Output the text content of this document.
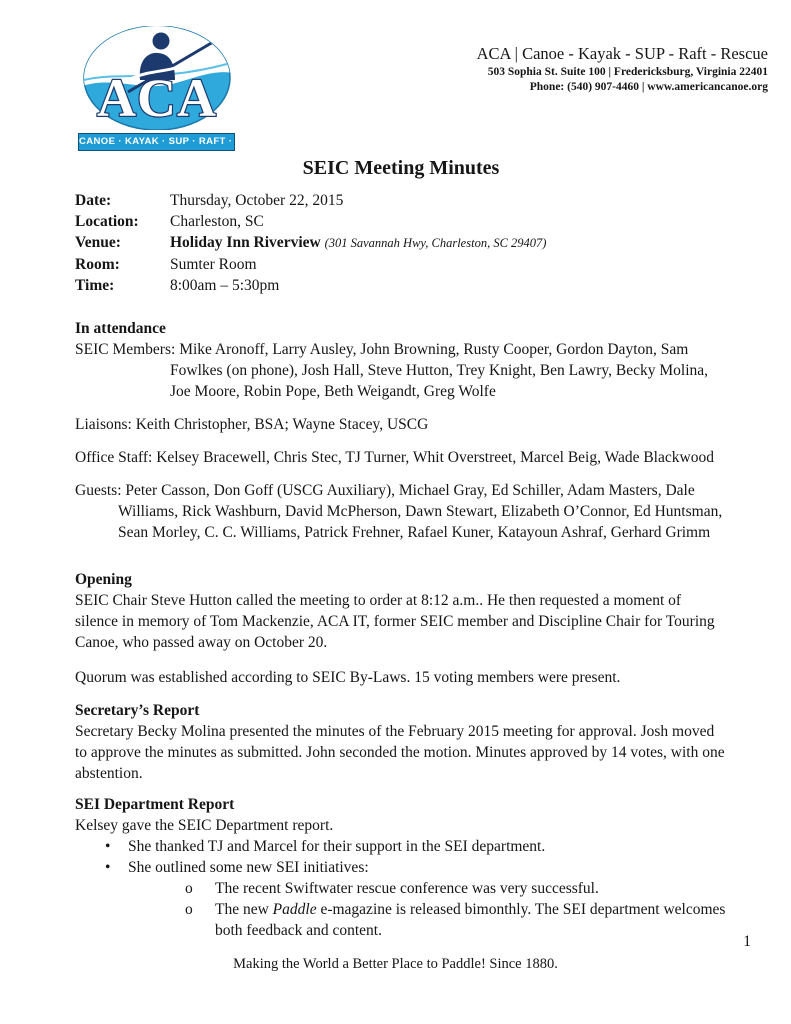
ACA
CANOE · KAYAK · SUP · RAFT · RESCUE
ACA | Canoe - Kayak - SUP - Raft - Rescue
503 Sophia St. Suite 100 | Fredericksburg, Virginia 22401
Phone: (540) 907-4460 | www.americancanoe.org
SEIC Meeting Minutes
Date:	Thursday, October 22, 2015
Location:	Charleston, SC
Venue:	Holiday Inn Riverview (301 Savannah Hwy, Charleston, SC 29407)
Room:	Sumter Room
Time:	8:00am – 5:30pm

In attendance

SEIC Members: Mike Aronoff, Larry Ausley, John Browning, Rusty Cooper, Gordon Dayton, Sam Fowlkes (on phone), Josh Hall, Steve Hutton, Trey Knight, Ben Lawry, Becky Molina, Joe Moore, Robin Pope, Beth Weigandt, Greg Wolfe

Liaisons: Keith Christopher, BSA; Wayne Stacey, USCG

Office Staff: Kelsey Bracewell, Chris Stec, TJ Turner, Whit Overstreet, Marcel Beig, Wade Blackwood

Guests: Peter Casson, Don Goff (USCG Auxiliary), Michael Gray, Ed Schiller, Adam Masters, Dale Williams, Rick Washburn, David McPherson, Dawn Stewart, Elizabeth O’Connor, Ed Huntsman, Sean Morley, C. C. Williams, Patrick Frehner, Rafael Kuner, Katayoun Ashraf, Gerhard Grimm

Opening

SEIC Chair Steve Hutton called the meeting to order at 8:12 a.m.. He then requested a moment of silence in memory of Tom Mackenzie, ACA IT, former SEIC member and Discipline Chair for Touring Canoe, who passed away on October 20.

Quorum was established according to SEIC By-Laws. 15 voting members were present.

Secretary’s Report

Secretary Becky Molina presented the minutes of the February 2015 meeting for approval. Josh moved to approve the minutes as submitted. John seconded the motion. Minutes approved by 14 votes, with one abstention.

SEI Department Report

Kelsey gave the SEIC Department report.

•	She thanked TJ and Marcel for their support in the SEI department.
•	She outlined some new SEI initiatives:
o	The recent Swiftwater rescue conference was very successful.
o	The new Paddle e-magazine is released bimonthly. The SEI department welcomes both feedback and content.
1
Making the World a Better Place to Paddle! Since 1880.
